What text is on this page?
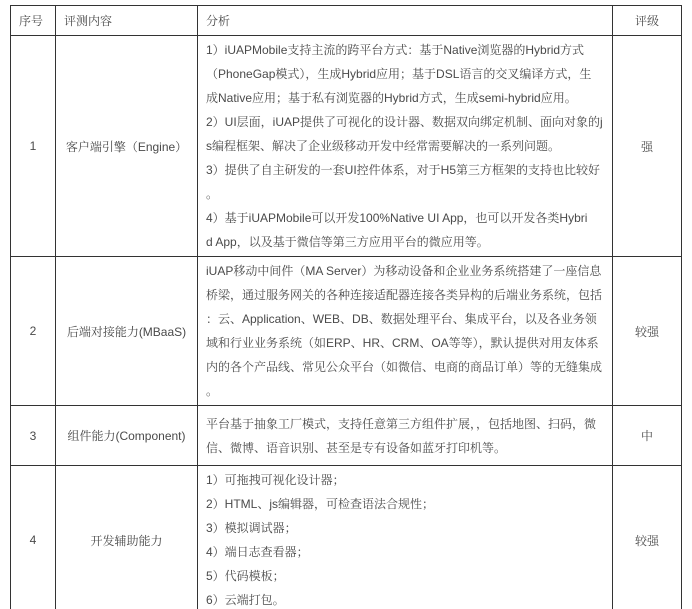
序号	评测内容	分析	评级
1	客户端引擎（Engine）	1）iUAPMobile支持主流的跨平台方式：基于Native浏览器的Hybrid方式
（PhoneGap模式），生成Hybrid应用；基于DSL语言的交叉编译方式，生
成Native应用；基于私有浏览器的Hybrid方式，生成semi-hybrid应用。
2）UI层面，iUAP提供了可视化的设计器、数据双向绑定机制、面向对象的j
s编程框架、解决了企业级移动开发中经常需要解决的一系列问题。
3）提供了自主研发的一套UI控件体系，对于H5第三方框架的支持也比较好
。
4）基于iUAPMobile可以开发100%Native UI App，也可以开发各类Hybri
d App，以及基于微信等第三方应用平台的微应用等。	强
2	后端对接能力(MBaaS)	iUAP移动中间件（MA Server）为移动设备和企业业务系统搭建了一座信息
桥梁，通过服务网关的各种连接适配器连接各类异构的后端业务系统，包括
：云、Application、WEB、DB、数据处理平台、集成平台，以及各业务领
域和行业业务系统（如ERP、HR、CRM、OA等等），默认提供对用友体系
内的各个产品线、常见公众平台（如微信、电商的商品订单）等的无缝集成
。	较强
3	组件能力(Component)	平台基于抽象工厂模式，支持任意第三方组件扩展，，包括地图、扫码，微
信、微博、语音识别、甚至是专有设备如蓝牙打印机等。	中
4	开发辅助能力	1）可拖拽可视化设计器；
2）HTML、js编辑器，可检查语法合规性；
3）模拟调试器；
4）端日志查看器；
5）代码模板；
6）云端打包。	较强
